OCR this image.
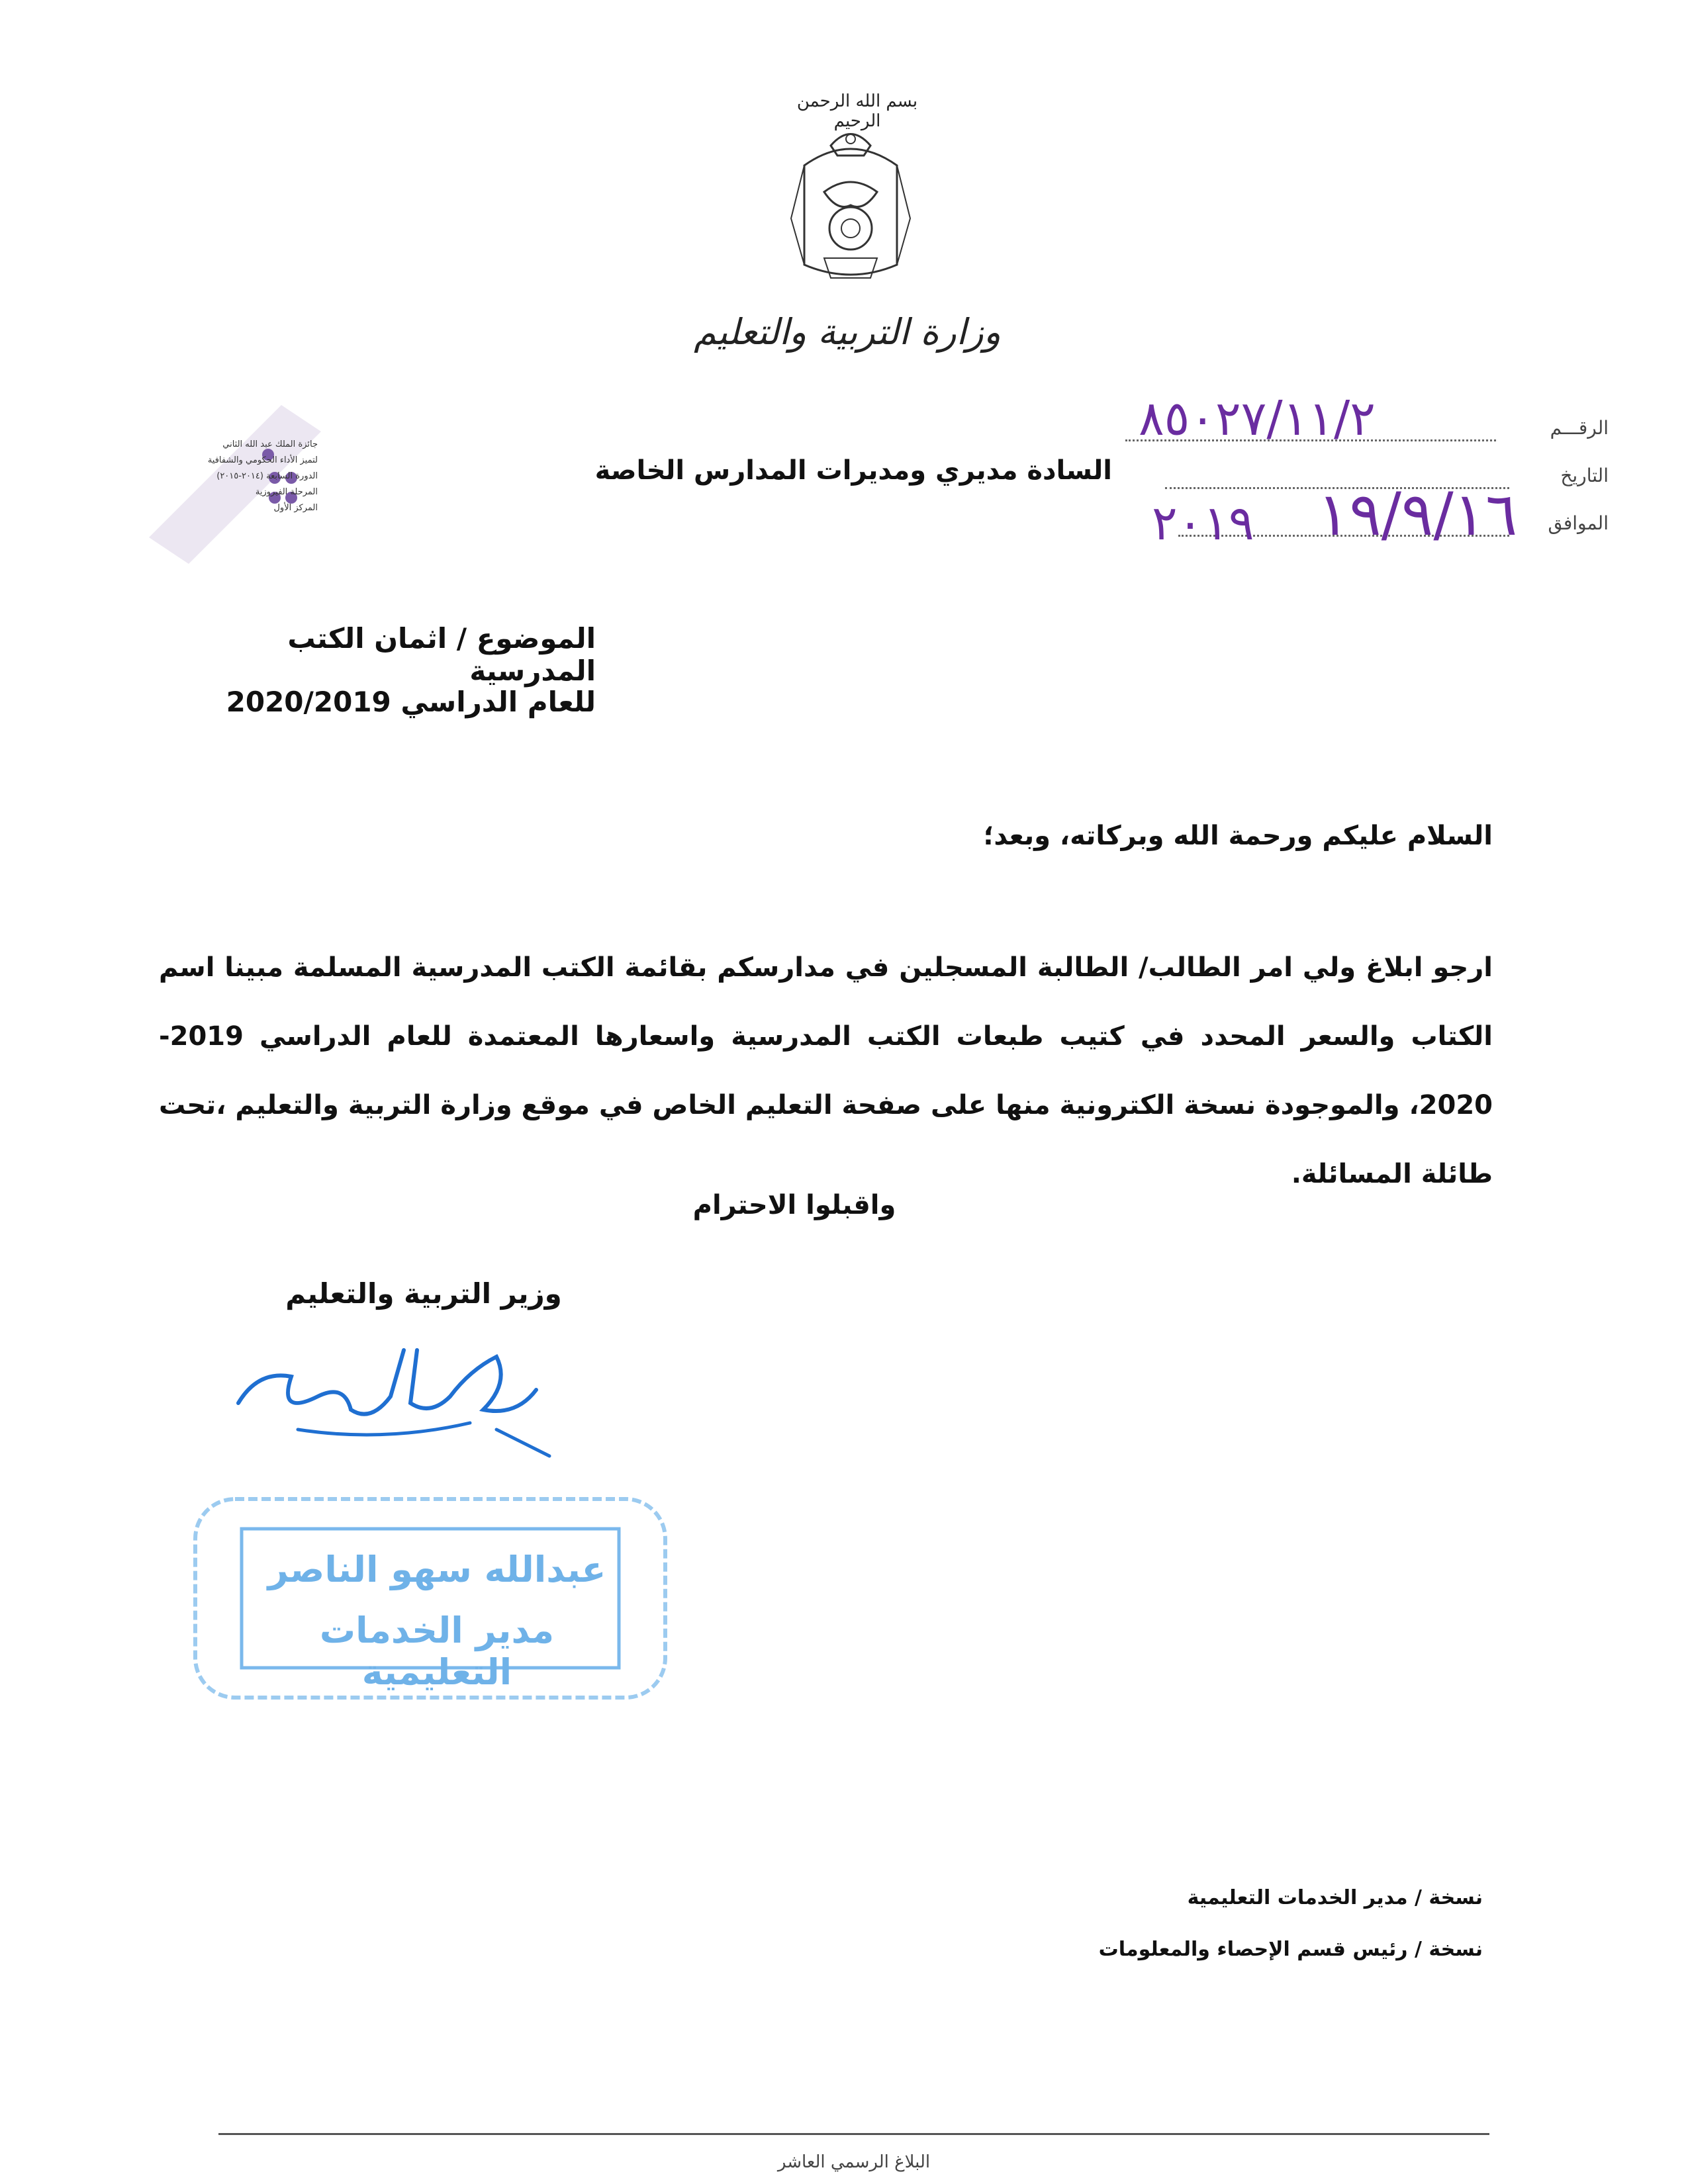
بسم الله الرحمن الرحيم
وزارة التربية والتعليم
جائزة الملك عبد الله الثاني
لتميز الأداء الحكومي والشفافية
الدورة السابعة (٢٠١٤-٢٠١٥)
المرحلة الفيروزية
المركز الأول
الرقـــم
٨٥٠٢٧/١١/٢
التاريخ
الموافق
١٩/٩/١٦
٢٠١٩
السادة مديري ومديرات المدارس الخاصة
الموضوع / اثمان الكتب المدرسية
للعام الدراسي 2020/2019
السلام عليكم ورحمة الله وبركاته، وبعد؛
ارجو ابلاغ ولي امر الطالب/ الطالبة المسجلين في مدارسكم بقائمة الكتب المدرسية المسلمة مبينا اسم الكتاب والسعر المحدد في كتيب طبعات الكتب المدرسية واسعارها المعتمدة للعام الدراسي 2019-2020، والموجودة نسخة الكترونية منها على صفحة التعليم الخاص في موقع وزارة التربية والتعليم ،تحت طائلة المسائلة.
واقبلوا الاحترام
وزير التربية والتعليم
عبدالله سهو الناصر
مدير الخدمات التعليمية
نسخة / مدير الخدمات التعليمية
نسخة / رئيس قسم الإحصاء والمعلومات
البلاغ الرسمي العاشر
